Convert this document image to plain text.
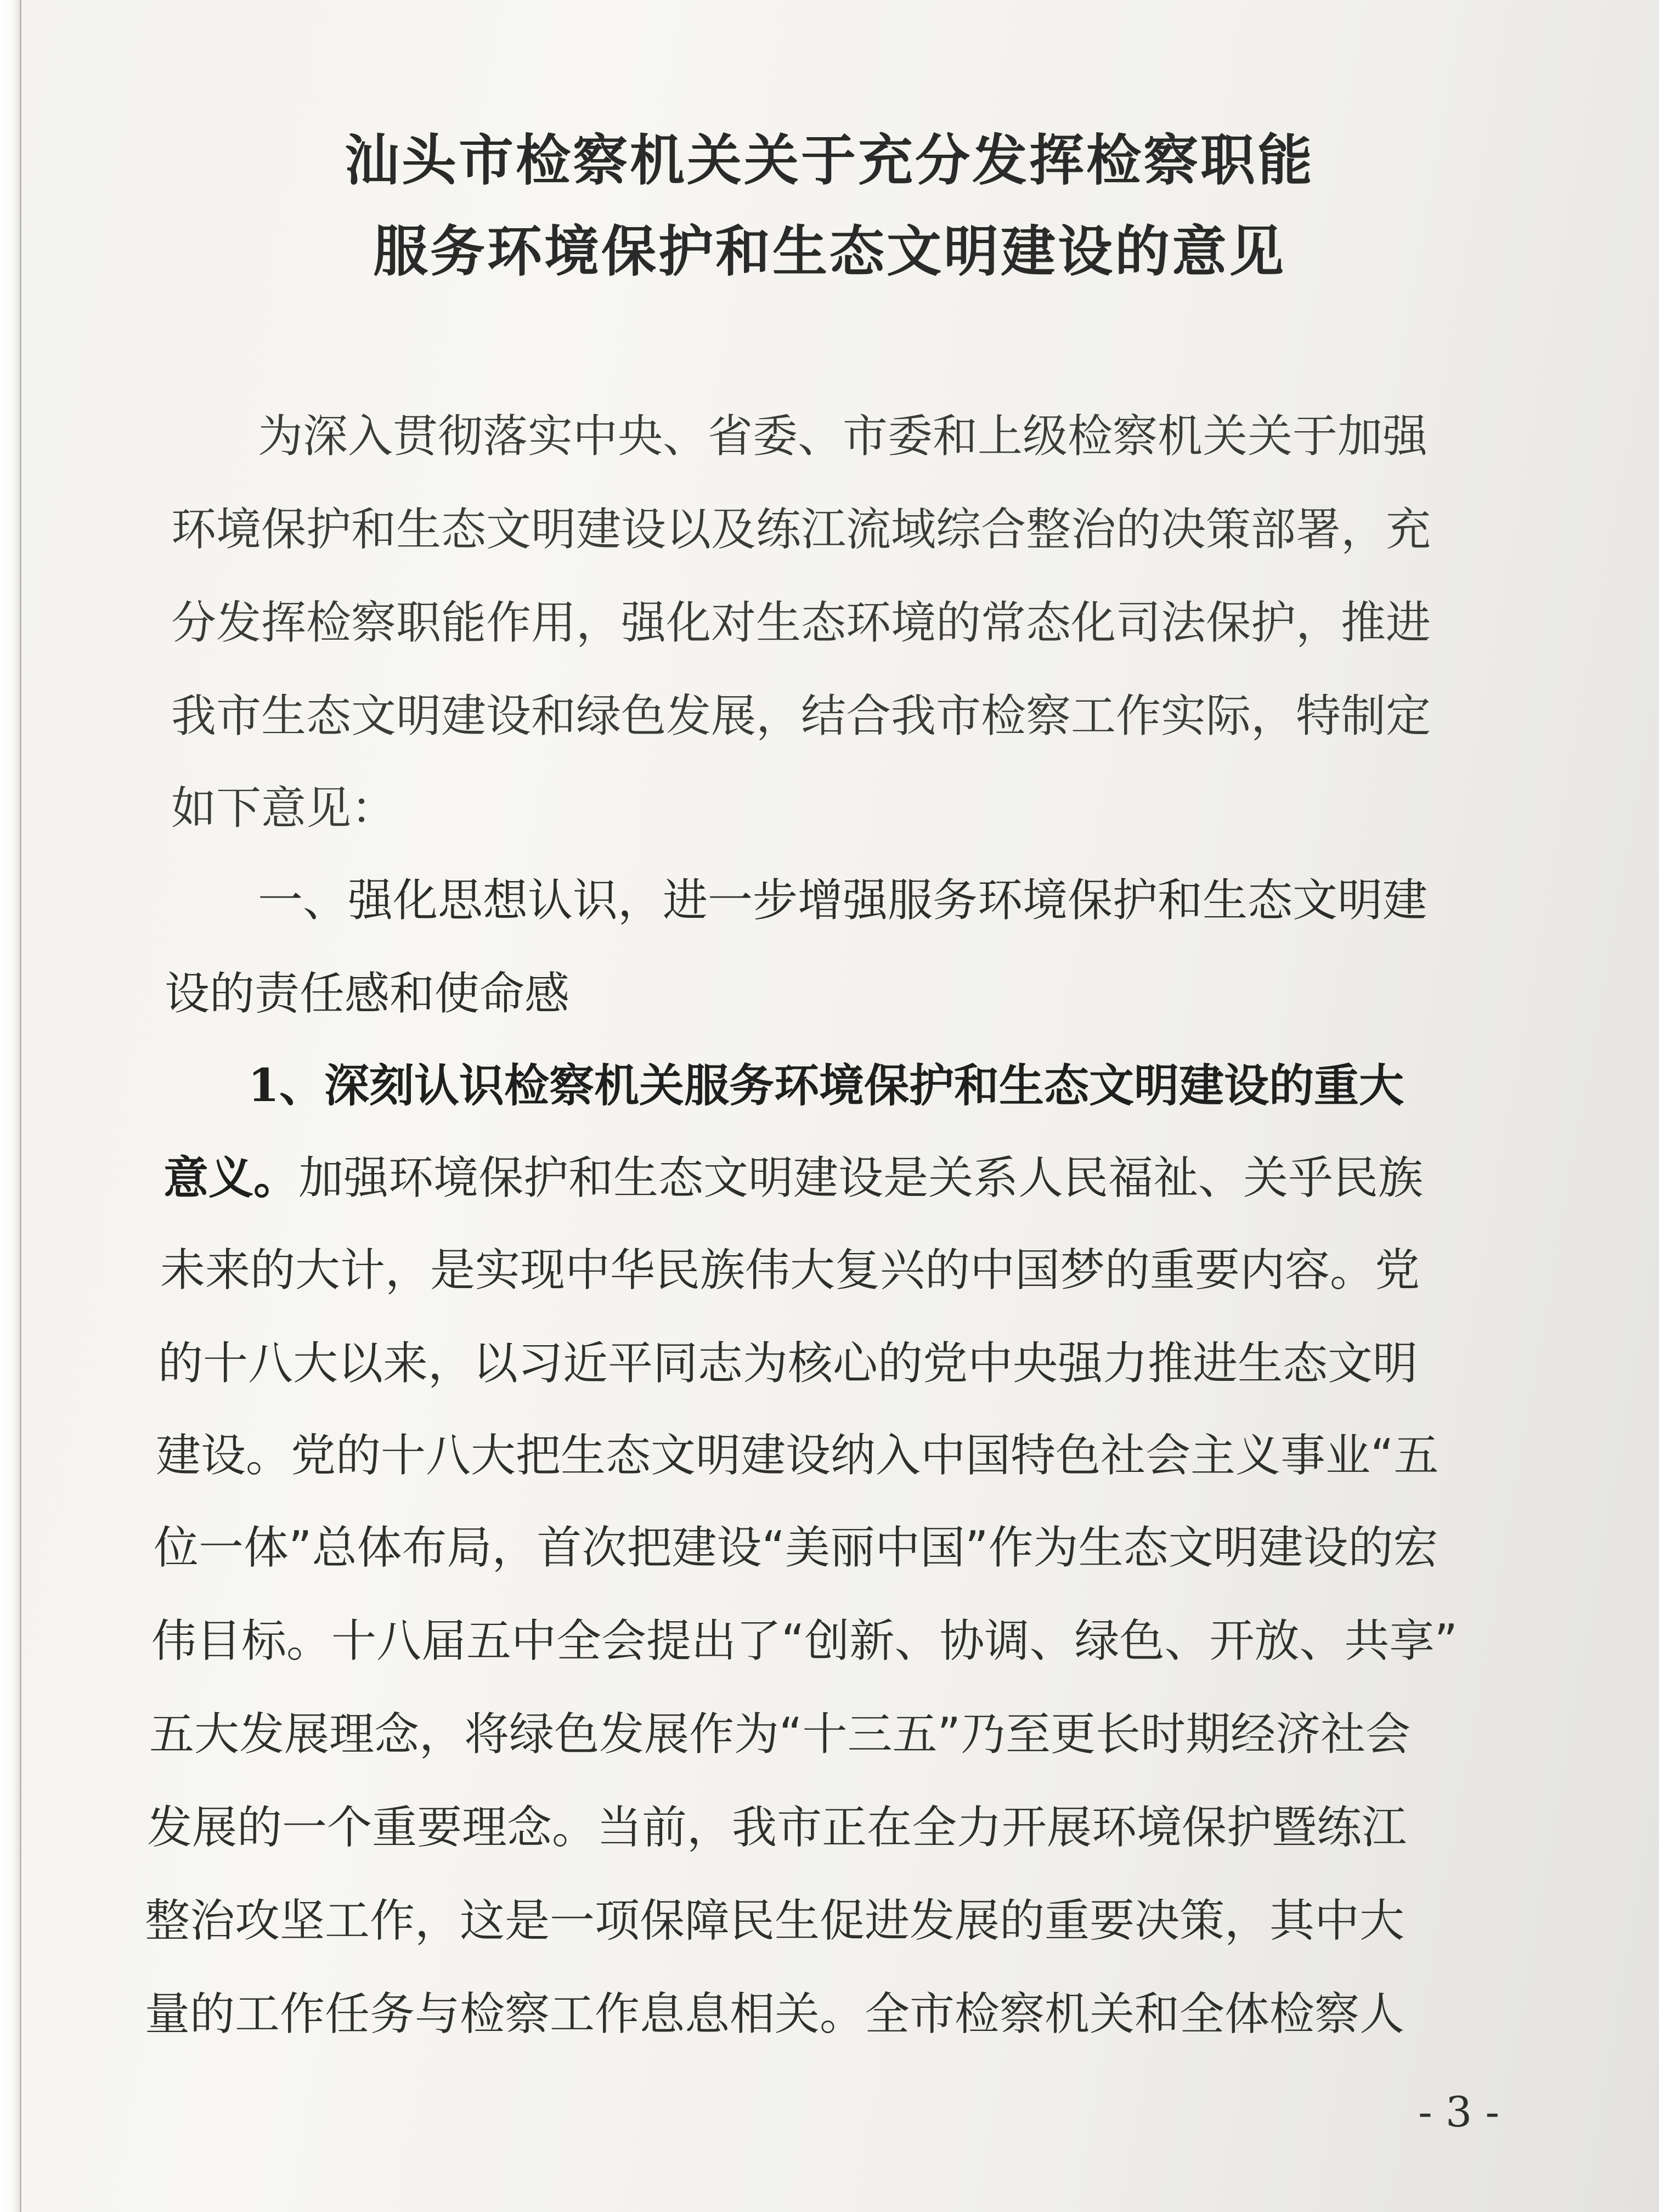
汕头市检察机关关于充分发挥检察职能
服务环境保护和生态文明建设的意见
为深入贯彻落实中央、省委、市委和上级检察机关关于加强
环境保护和生态文明建设以及练江流域综合整治的决策部署，充
分发挥检察职能作用，强化对生态环境的常态化司法保护，推进
我市生态文明建设和绿色发展，结合我市检察工作实际，特制定
如下意见：
一、强化思想认识，进一步增强服务环境保护和生态文明建
设的责任感和使命感
1、深刻认识检察机关服务环境保护和生态文明建设的重大
意义。加强环境保护和生态文明建设是关系人民福祉、关乎民族
未来的大计，是实现中华民族伟大复兴的中国梦的重要内容。党
的十八大以来，以习近平同志为核心的党中央强力推进生态文明
建设。党的十八大把生态文明建设纳入中国特色社会主义事业“五
位一体”总体布局，首次把建设“美丽中国”作为生态文明建设的宏
伟目标。十八届五中全会提出了“创新、协调、绿色、开放、共享”
五大发展理念，将绿色发展作为“十三五”乃至更长时期经济社会
发展的一个重要理念。当前，我市正在全力开展环境保护暨练江
整治攻坚工作，这是一项保障民生促进发展的重要决策，其中大
量的工作任务与检察工作息息相关。全市检察机关和全体检察人
- 3 -
